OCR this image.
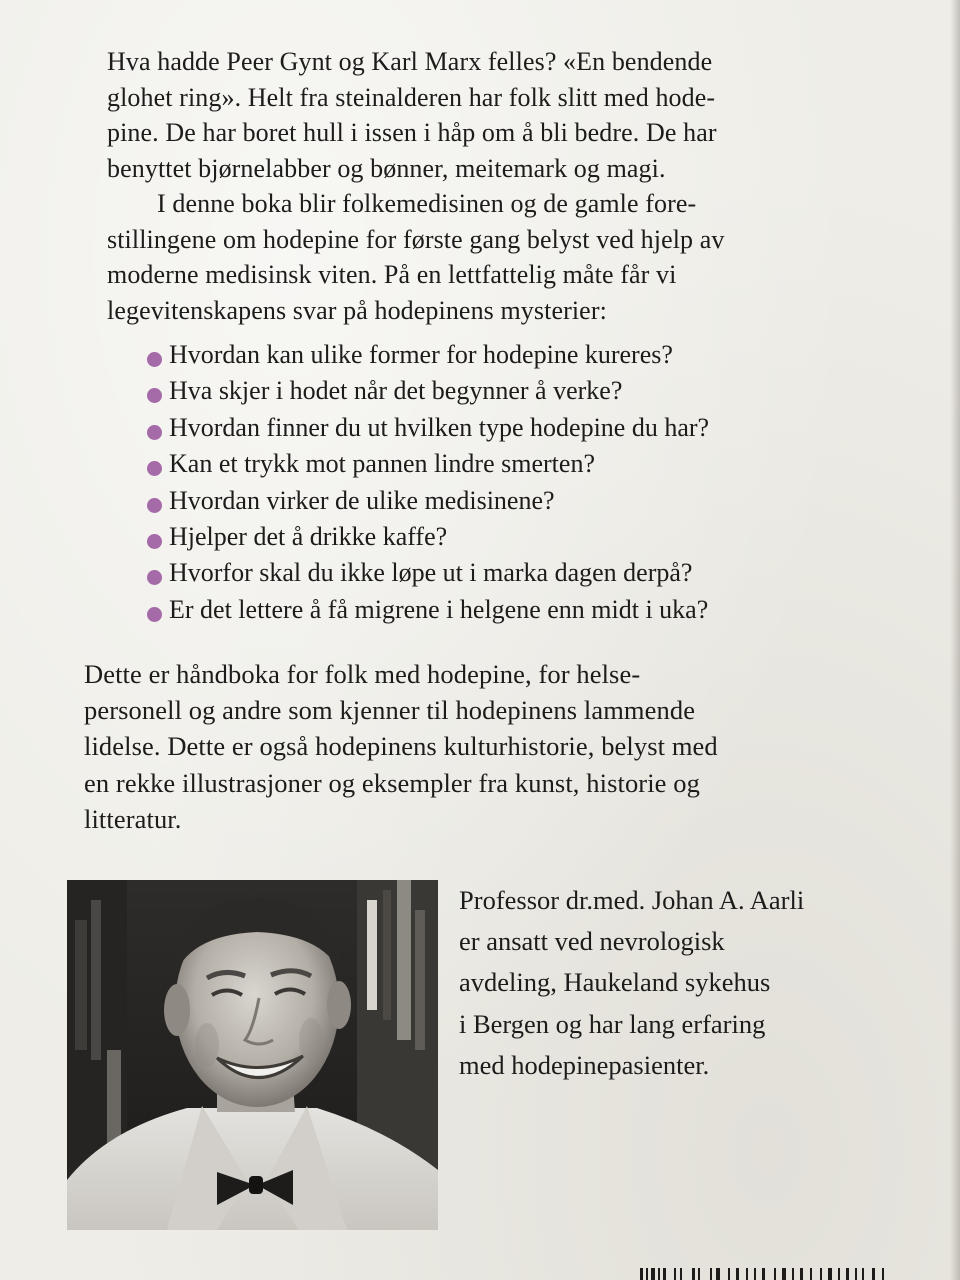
Hva hadde Peer Gynt og Karl Marx felles? «En bendende
glohet ring». Helt fra steinalderen har folk slitt med hode-
pine. De har boret hull i issen i håp om å bli bedre. De har
benyttet bjørnelabber og bønner, meitemark og magi.
I denne boka blir folkemedisinen og de gamle fore-
stillingene om hodepine for første gang belyst ved hjelp av
moderne medisinsk viten. På en lettfattelig måte får vi
legevitenskapens svar på hodepinens mysterier:
Hvordan kan ulike former for hodepine kureres?
Hva skjer i hodet når det begynner å verke?
Hvordan finner du ut hvilken type hodepine du har?
Kan et trykk mot pannen lindre smerten?
Hvordan virker de ulike medisinene?
Hjelper det å drikke kaffe?
Hvorfor skal du ikke løpe ut i marka dagen derpå?
Er det lettere å få migrene i helgene enn midt i uka?
Dette er håndboka for folk med hodepine, for helse-
personell og andre som kjenner til hodepinens lammende
lidelse. Dette er også hodepinens kulturhistorie, belyst med
en rekke illustrasjoner og eksempler fra kunst, historie og
litteratur.
Professor dr.med. Johan A. Aarli
er ansatt ved nevrologisk
avdeling, Haukeland sykehus
i Bergen og har lang erfaring
med hodepinepasienter.
